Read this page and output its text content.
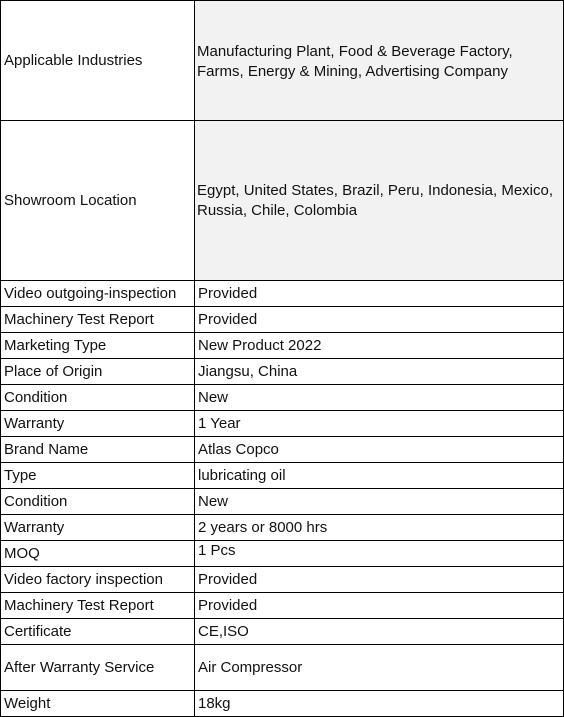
Applicable Industries	Manufacturing Plant, Food & Beverage Factory, Farms, Energy & Mining, Advertising Company
Showroom Location	Egypt, United States, Brazil, Peru, Indonesia, Mexico, Russia, Chile, Colombia
Video outgoing-inspection	Provided
Machinery Test Report	Provided
Marketing Type	New Product 2022
Place of Origin	Jiangsu, China
Condition	New
Warranty	1 Year
Brand Name	Atlas Copco
Type	lubricating oil
Condition	New
Warranty	2 years or 8000 hrs
MOQ	1 Pcs
Video factory inspection	Provided
Machinery Test Report	Provided
Certificate	CE,ISO
After Warranty Service	Air Compressor
Weight	18kg
